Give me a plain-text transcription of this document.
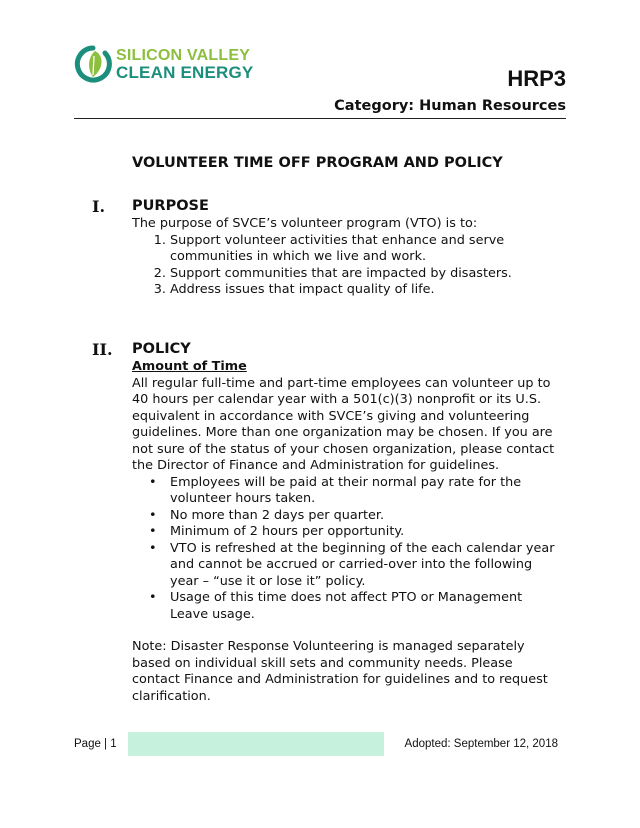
SILICON VALLEY
CLEAN ENERGY	HRP3
Category: Human Resources
VOLUNTEER TIME OFF PROGRAM AND POLICY
I. PURPOSE

The purpose of SVCE’s volunteer program (VTO) is to:

1. Support volunteer activities that enhance and serve communities in which we live and work.
2. Support communities that are impacted by disasters.
3. Address issues that impact quality of life.
II. POLICY

Amount of Time

All regular full-time and part-time employees can volunteer up to 40 hours per calendar year with a 501(c)(3) nonprofit or its U.S. equivalent in accordance with SVCE’s giving and volunteering guidelines. More than one organization may be chosen. If you are not sure of the status of your chosen organization, please contact the Director of Finance and Administration for guidelines.

• Employees will be paid at their normal pay rate for the volunteer hours taken.
• No more than 2 days per quarter.
• Minimum of 2 hours per opportunity.
• VTO is refreshed at the beginning of the each calendar year and cannot be accrued or carried-over into the following year – “use it or lose it” policy.
• Usage of this time does not affect PTO or Management Leave usage.

Note: Disaster Response Volunteering is managed separately based on individual skill sets and community needs. Please contact Finance and Administration for guidelines and to request clarification.

Page | 1	Adopted: September 12, 2018
